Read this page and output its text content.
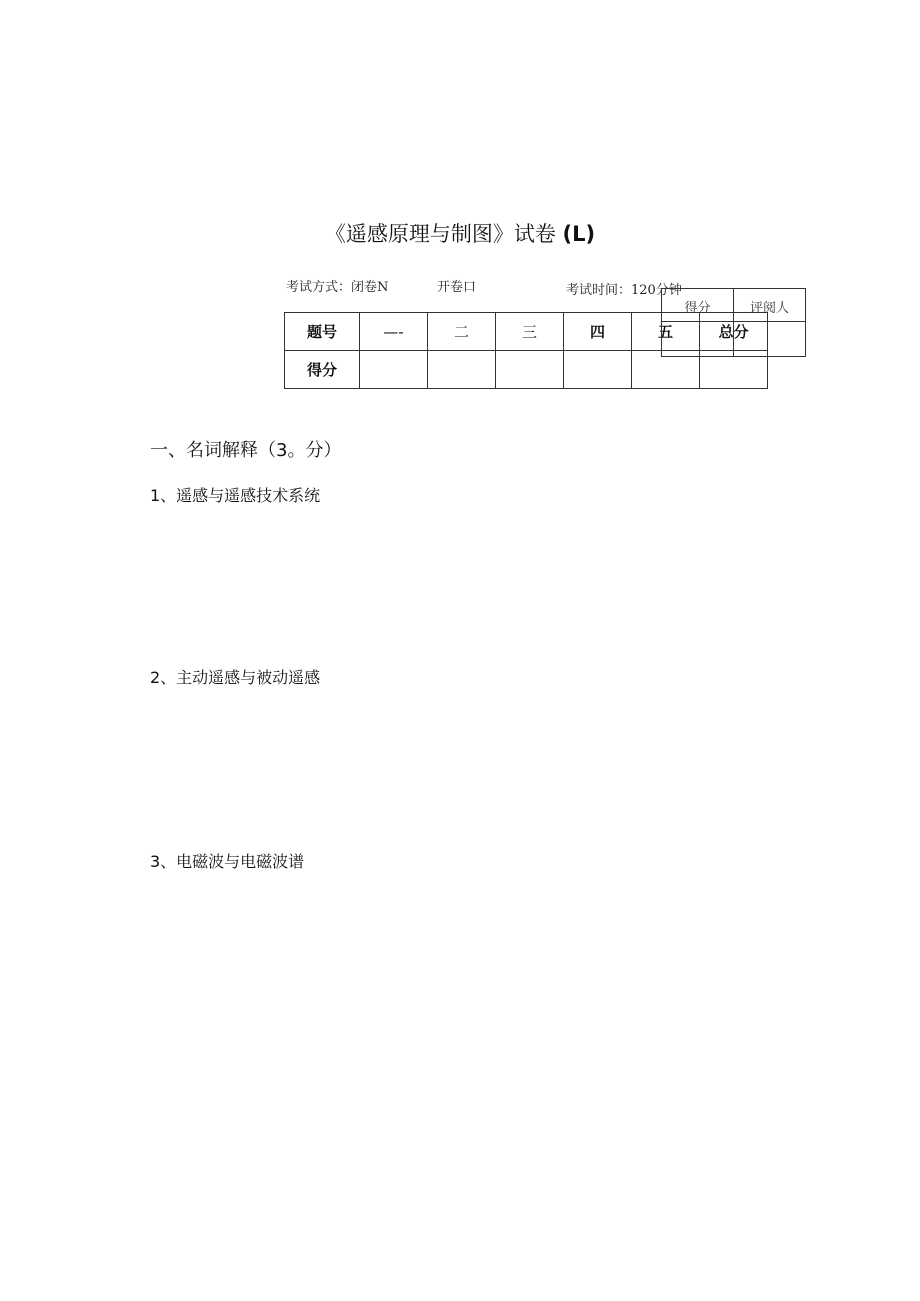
《遥感原理与制图》试卷 (L)
考试方式：闭卷N	开卷口	考试时间：120分钟
题号	—-	二	三	四	五	总分
得分						
得分	评阅人

一、名词解释（3。分）
1、遥感与遥感技术系统
2、主动遥感与被动遥感
3、电磁波与电磁波谱
